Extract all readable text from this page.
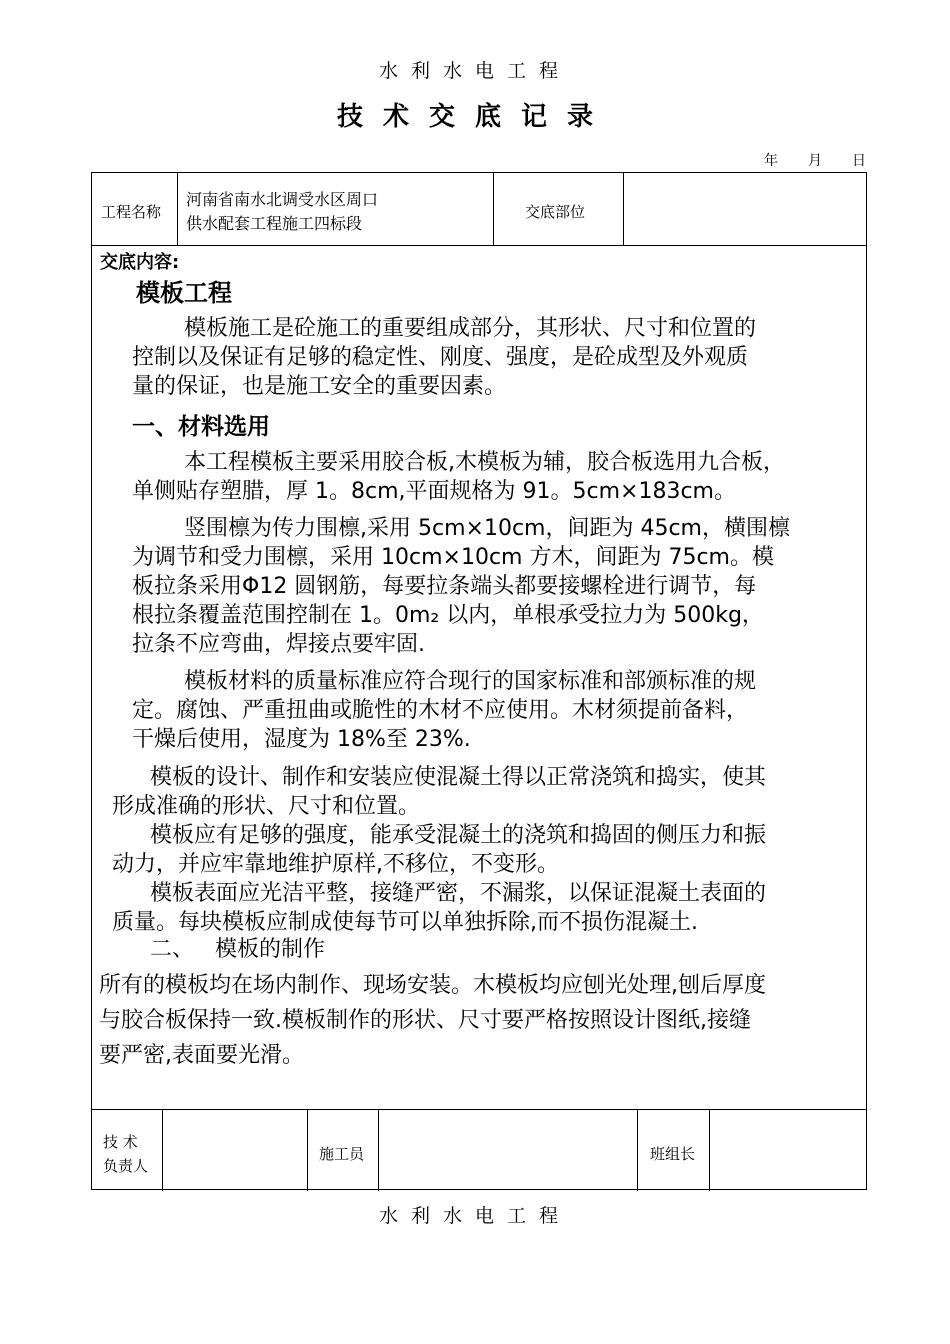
水利水电工程
技术交底记录
年 月 日
工程名称
河南省南水北调受水区周口
供水配套工程施工四标段
交底部位
技 术
负责人
施工员	班组长
交底内容:
模板工程

模板施工是砼施工的重要组成部分，其形状、尺寸和位置的

控制以及保证有足够的稳定性、刚度、强度，是砼成型及外观质

量的保证，也是施工安全的重要因素。

一、材料选用

本工程模板主要采用胶合板,木模板为辅，胶合板选用九合板，

单侧贴存塑腊，厚 1。8cm,平面规格为 91。5cm×183cm。

竖围檩为传力围檩,采用 5cm×10cm，间距为 45cm，横围檩

为调节和受力围檩，采用 10cm×10cm 方木，间距为 75cm。模

板拉条采用Φ12 圆钢筋，每要拉条端头都要接螺栓进行调节，每

根拉条覆盖范围控制在 1。0m₂ 以内，单根承受拉力为 500kg，

拉条不应弯曲，焊接点要牢固.

模板材料的质量标准应符合现行的国家标准和部颁标准的规

定。腐蚀、严重扭曲或脆性的木材不应使用。木材须提前备料，

干燥后使用，湿度为 18%至 23%.

模板的设计、制作和安装应使混凝土得以正常浇筑和捣实，使其

形成准确的形状、尺寸和位置。

模板应有足够的强度，能承受混凝土的浇筑和捣固的侧压力和振

动力，并应牢靠地维护原样,不移位，不变形。

模板表面应光洁平整，接缝严密，不漏浆，以保证混凝土表面的

质量。每块模板应制成使每节可以单独拆除,而不损伤混凝土.

二、   模板的制作

所有的模板均在场内制作、现场安装。木模板均应刨光处理,刨后厚度

与胶合板保持一致.模板制作的形状、尺寸要严格按照设计图纸,接缝

要严密,表面要光滑。

水利水电工程
